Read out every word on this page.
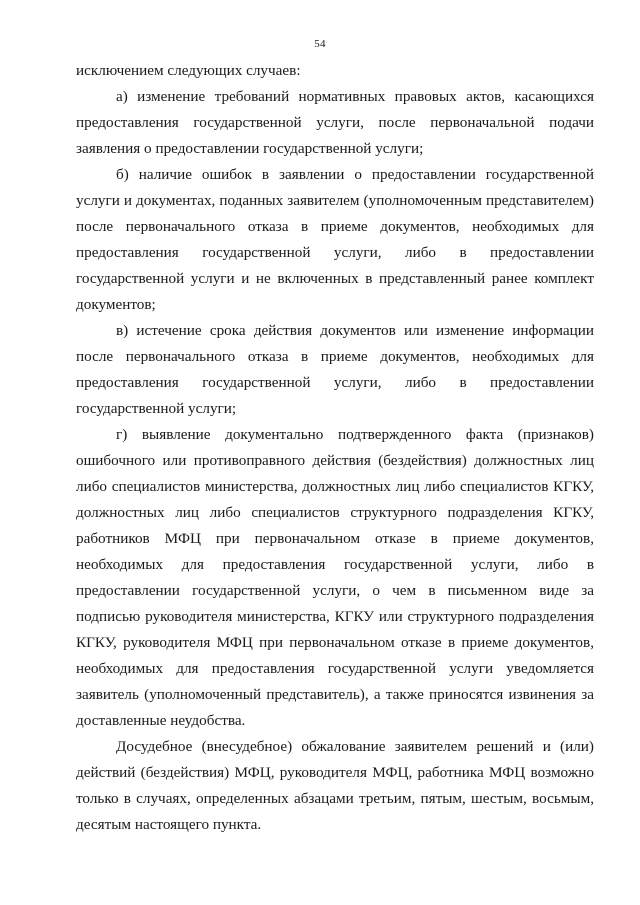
54

исключением следующих случаев:

а) изменение требований нормативных правовых актов, касающихся предоставления государственной услуги, после первоначальной подачи заявления о предоставлении государственной услуги;

б) наличие ошибок в заявлении о предоставлении государственной услуги и документах, поданных заявителем (уполномоченным представителем) после первоначального отказа в приеме документов, необходимых для предоставления государственной услуги, либо в предоставлении государственной услуги и не включенных в представленный ранее комплект документов;

в) истечение срока действия документов или изменение информации после первоначального отказа в приеме документов, необходимых для предоставления государственной услуги, либо в предоставлении государственной услуги;

г) выявление документально подтвержденного факта (признаков) ошибочного или противоправного действия (бездействия) должностных лиц либо специалистов министерства, должностных лиц либо специалистов КГКУ, должностных лиц либо специалистов структурного подразделения КГКУ, работников МФЦ при первоначальном отказе в приеме документов, необходимых для предоставления государственной услуги, либо в предоставлении государственной услуги, о чем в письменном виде за подписью руководителя министерства, КГКУ или структурного подразделения КГКУ, руководителя МФЦ при первоначальном отказе в приеме документов, необходимых для предоставления государственной услуги уведомляется заявитель (уполномоченный представитель), а также приносятся извинения за доставленные неудобства.

Досудебное (внесудебное) обжалование заявителем решений и (или) действий (бездействия) МФЦ, руководителя МФЦ, работника МФЦ возможно только в случаях, определенных абзацами третьим, пятым, шестым, восьмым, десятым настоящего пункта.
